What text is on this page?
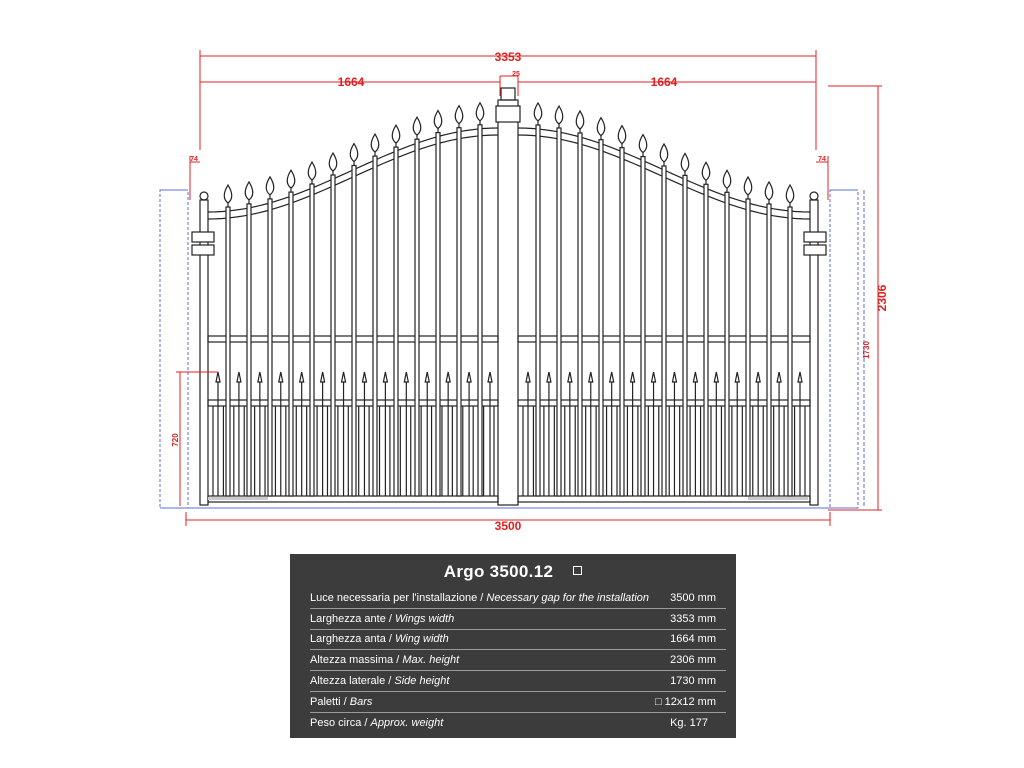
3353
1664	1664
25
74	74
2306
1730
720
3500
Argo 3500.12
Luce necessaria per l'installazione / Necessary gap for the installation 3500 mm
Larghezza ante / Wings width	3353 mm
Larghezza anta / Wing width	1664 mm
Altezza massima / Max. height	2306 mm
Altezza laterale / Side height	1730 mm
Paletti / Bars	□ 12x12 mm
Peso circa / Approx. weight	Kg. 177
